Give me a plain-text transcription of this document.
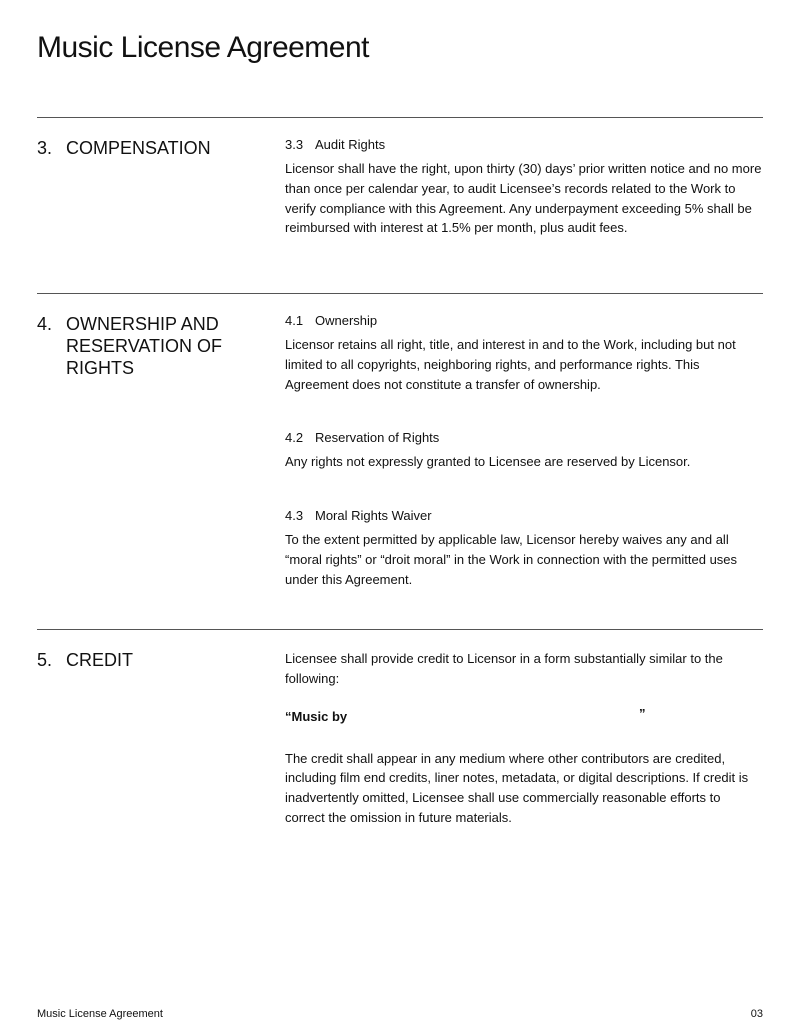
Music License Agreement
3. COMPENSATION	3.3 Audit Rights

Licensor shall have the right, upon thirty (30) days’ prior written notice and no more than once per calendar year, to audit Licensee’s records related to the Work to verify compliance with this Agreement. Any underpayment exceeding 5% shall be reimbursed with interest at 1.5% per month, plus audit fees.

4. OWNERSHIP AND RESERVATION OF RIGHTS
4.1 Ownership

Licensor retains all right, title, and interest in and to the Work, including but not limited to all copyrights, neighboring rights, and performance rights. This Agreement does not constitute a transfer of ownership.

4.2 Reservation of Rights

Any rights not expressly granted to Licensee are reserved by Licensor.

4.3 Moral Rights Waiver

To the extent permitted by applicable law, Licensor hereby waives any and all “moral rights” or “droit moral” in the Work in connection with the permitted uses under this Agreement.

5. CREDIT	Licensee shall provide credit to Licensor in a form substantially similar to the following:

“Music by	”

The credit shall appear in any medium where other contributors are credited, including film end credits, liner notes, metadata, or digital descriptions. If credit is inadvertently omitted, Licensee shall use commercially reasonable efforts to correct the omission in future materials.

Music License Agreement	03
